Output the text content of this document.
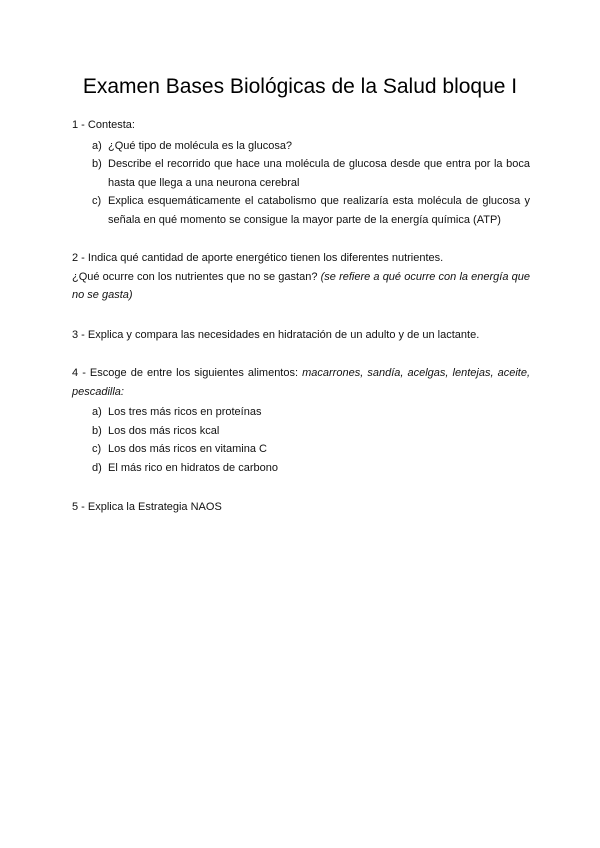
Examen Bases Biológicas de la Salud bloque I

1 - Contesta:

a) ¿Qué tipo de molécula es la glucosa?
b) Describe el recorrido que hace una molécula de glucosa desde que entra por la boca hasta que llega a una neurona cerebral
c) Explica esquemáticamente el catabolismo que realizaría esta molécula de glucosa y señala en qué momento se consigue la mayor parte de la energía química (ATP)

2 - Indica qué cantidad de aporte energético tienen los diferentes nutrientes.

¿Qué ocurre con los nutrientes que no se gastan? (se refiere a qué ocurre con la energía que no se gasta)

3 - Explica y compara las necesidades en hidratación de un adulto y de un lactante.

4 - Escoge de entre los siguientes alimentos: macarrones, sandía, acelgas, lentejas, aceite, pescadilla:

a) Los tres más ricos en proteínas
b) Los dos más ricos kcal
c) Los dos más ricos en vitamina C
d) El más rico en hidratos de carbono

5 - Explica la Estrategia NAOS
